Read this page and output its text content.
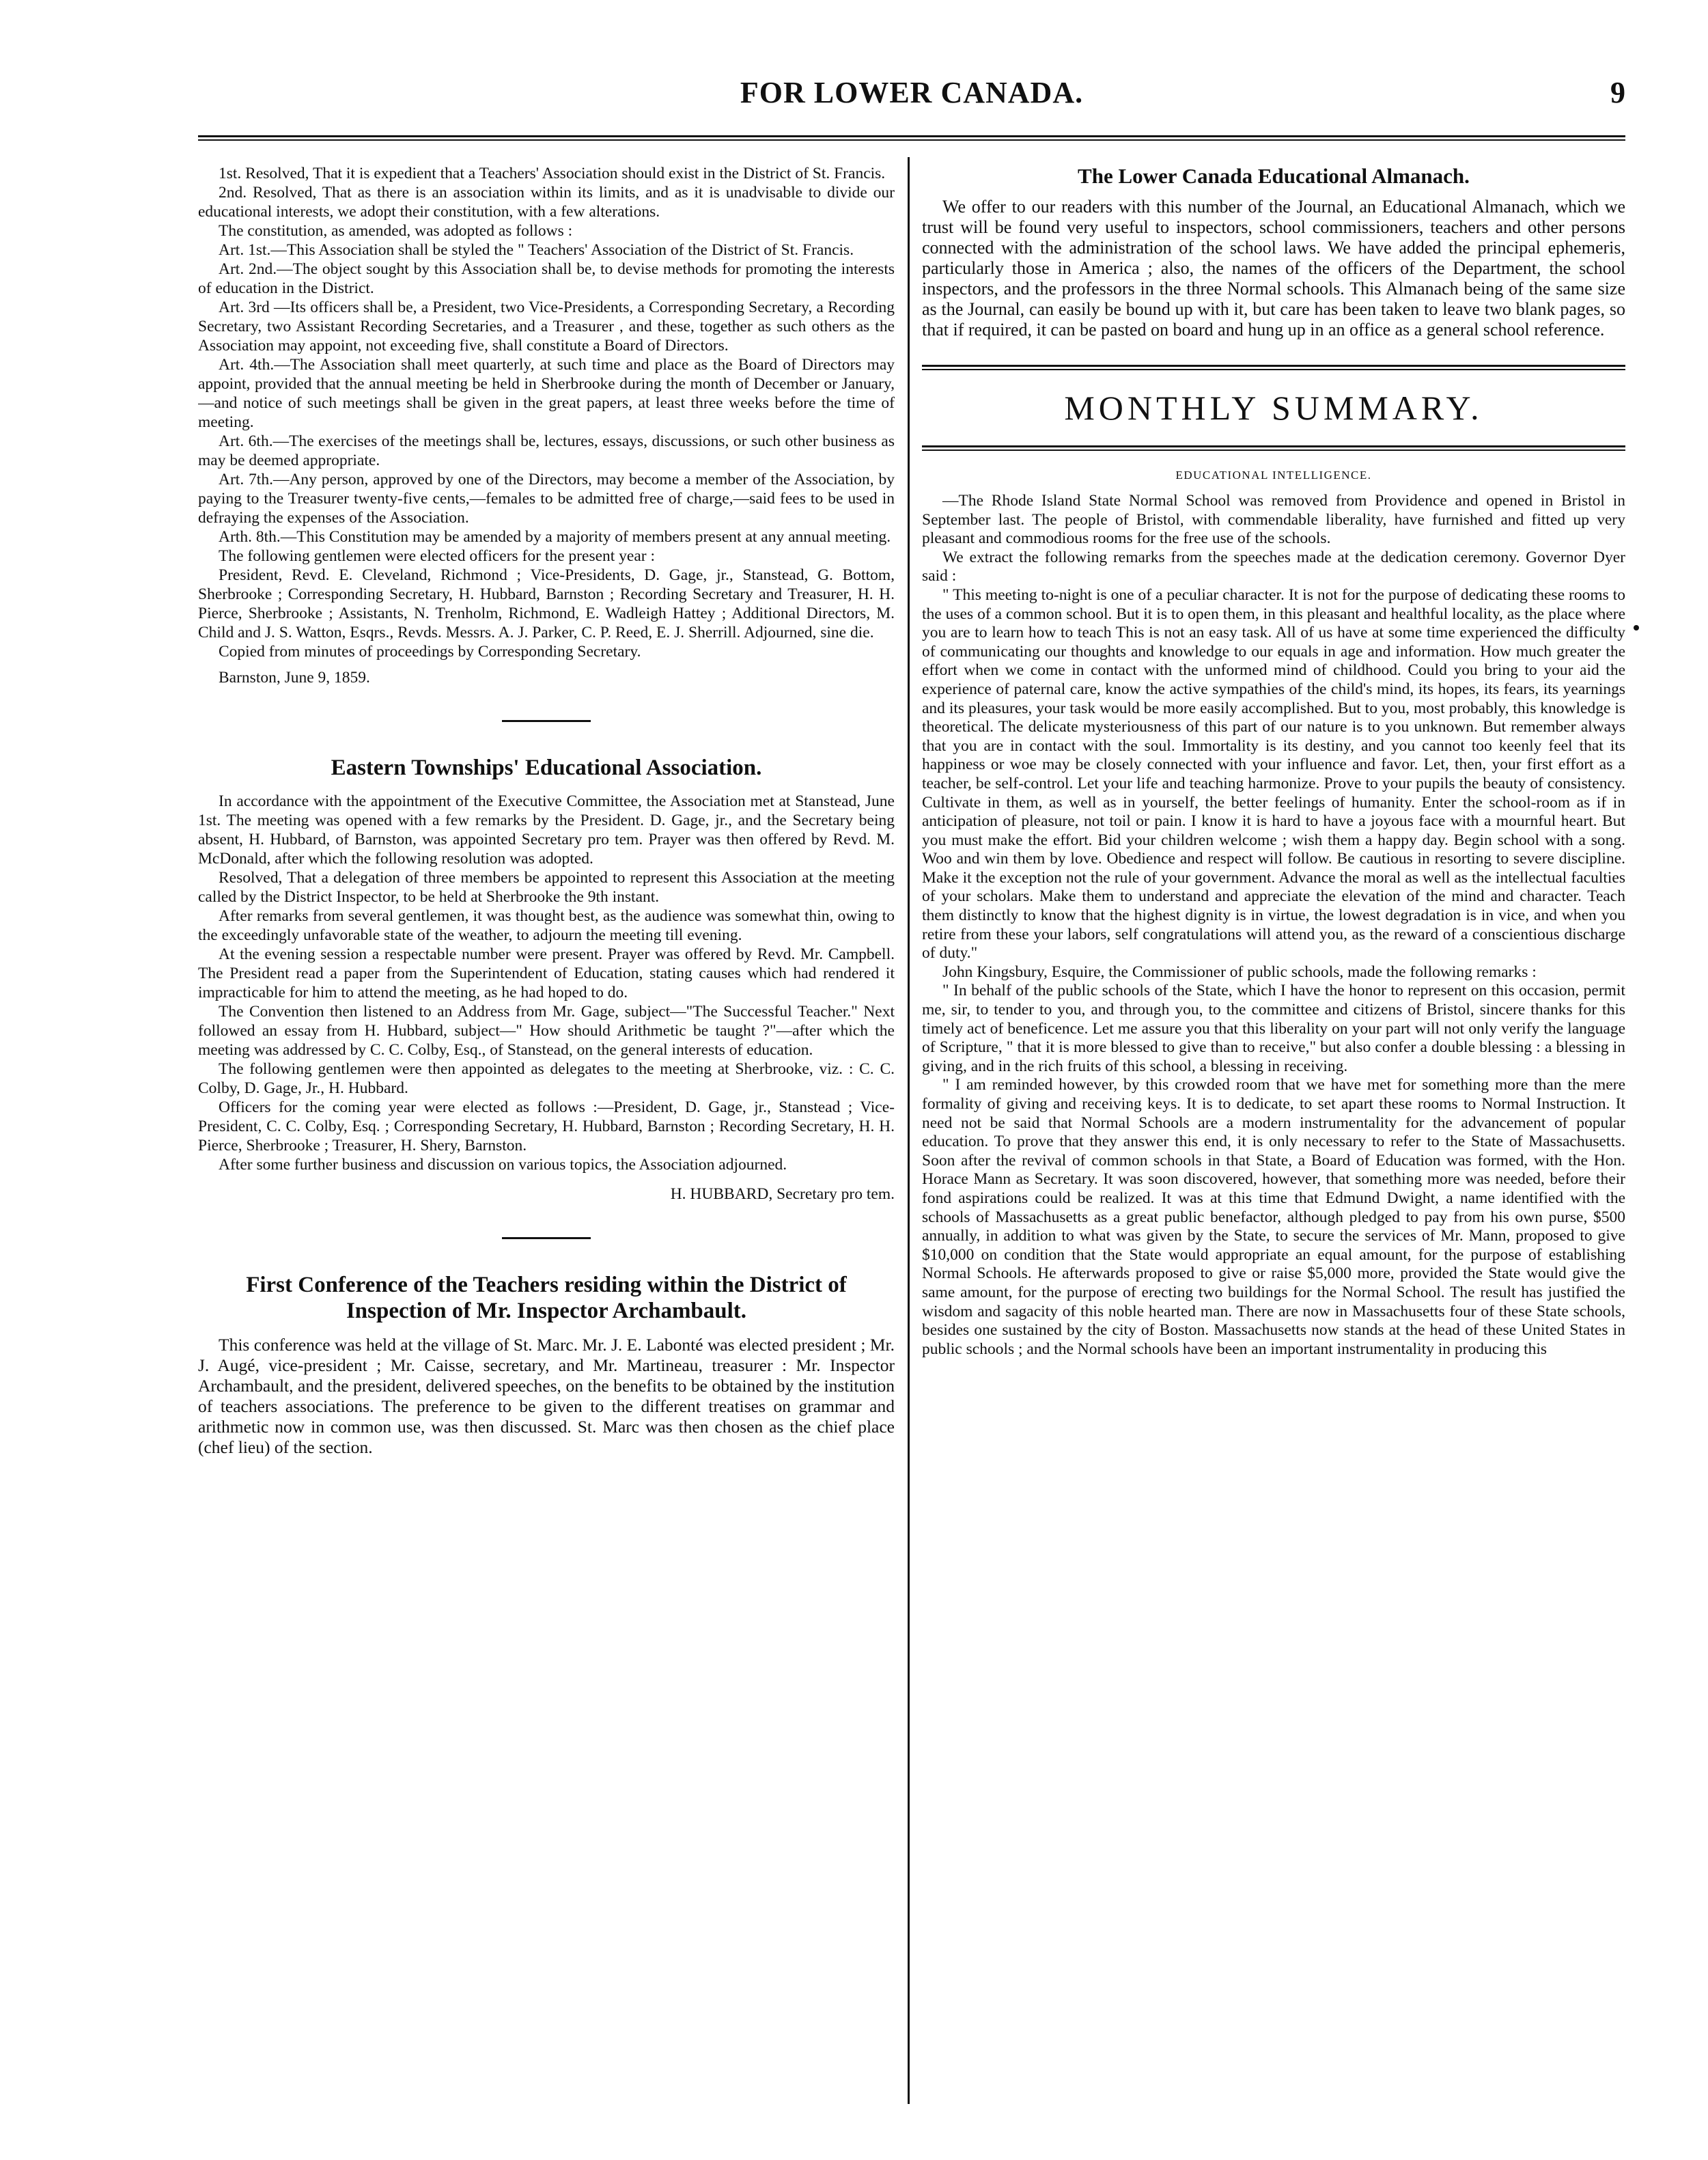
FOR LOWER CANADA.	9

1st. Resolved, That it is expedient that a Teachers' Association should exist in the District of St. Francis.

2nd. Resolved, That as there is an association within its limits, and as it is unadvisable to divide our educational interests, we adopt their constitution, with a few alterations.

The constitution, as amended, was adopted as follows :

Art. 1st.—This Association shall be styled the " Teachers' Association of the District of St. Francis.

Art. 2nd.—The object sought by this Association shall be, to devise methods for promoting the interests of education in the District.

Art. 3rd —Its officers shall be, a President, two Vice-Presidents, a Corresponding Secretary, a Recording Secretary, two Assistant Recording Secretaries, and a Treasurer , and these, together as such others as the Association may appoint, not exceeding five, shall constitute a Board of Directors.

Art. 4th.—The Association shall meet quarterly, at such time and place as the Board of Directors may appoint, provided that the annual meeting be held in Sherbrooke during the month of December or January,—and notice of such meetings shall be given in the great papers, at least three weeks before the time of meeting.

Art. 6th.—The exercises of the meetings shall be, lectures, essays, discussions, or such other business as may be deemed appropriate.

Art. 7th.—Any person, approved by one of the Directors, may become a member of the Association, by paying to the Treasurer twenty-five cents,—females to be admitted free of charge,—said fees to be used in defraying the expenses of the Association.

Arth. 8th.—This Constitution may be amended by a majority of members present at any annual meeting.

The following gentlemen were elected officers for the present year :

President, Revd. E. Cleveland, Richmond ; Vice-Presidents, D. Gage, jr., Stanstead, G. Bottom, Sherbrooke ; Corresponding Secretary, H. Hubbard, Barnston ; Recording Secretary and Treasurer, H. H. Pierce, Sherbrooke ; Assistants, N. Trenholm, Richmond, E. Wadleigh Hattey ; Additional Directors, M. Child and J. S. Watton, Esqrs., Revds. Messrs. A. J. Parker, C. P. Reed, E. J. Sherrill. Adjourned, sine die.

Copied from minutes of proceedings by Corresponding Secretary.

Barnston, June 9, 1859.
Eastern Townships' Educational Association.

In accordance with the appointment of the Executive Committee, the Association met at Stanstead, June 1st. The meeting was opened with a few remarks by the President. D. Gage, jr., and the Secretary being absent, H. Hubbard, of Barnston, was appointed Secretary pro tem. Prayer was then offered by Revd. M. McDonald, after which the following resolution was adopted.

Resolved, That a delegation of three members be appointed to represent this Association at the meeting called by the District Inspector, to be held at Sherbrooke the 9th instant.

After remarks from several gentlemen, it was thought best, as the audience was somewhat thin, owing to the exceedingly unfavorable state of the weather, to adjourn the meeting till evening.

At the evening session a respectable number were present. Prayer was offered by Revd. Mr. Campbell. The President read a paper from the Superintendent of Education, stating causes which had rendered it impracticable for him to attend the meeting, as he had hoped to do.

The Convention then listened to an Address from Mr. Gage, subject—"The Successful Teacher." Next followed an essay from H. Hubbard, subject—" How should Arithmetic be taught ?"—after which the meeting was addressed by C. C. Colby, Esq., of Stanstead, on the general interests of education.

The following gentlemen were then appointed as delegates to the meeting at Sherbrooke, viz. : C. C. Colby, D. Gage, Jr., H. Hubbard.

Officers for the coming year were elected as follows :—President, D. Gage, jr., Stanstead ; Vice-President, C. C. Colby, Esq. ; Corresponding Secretary, H. Hubbard, Barnston ; Recording Secretary, H. H. Pierce, Sherbrooke ; Treasurer, H. Shery, Barnston.

After some further business and discussion on various topics, the Association adjourned.

H. HUBBARD, Secretary pro tem.
First Conference of the Teachers residing within the District of Inspection of Mr. Inspector Archambault.

This conference was held at the village of St. Marc. Mr. J. E. Labonté was elected president ; Mr. J. Augé, vice-president ; Mr. Caisse, secretary, and Mr. Martineau, treasurer : Mr. Inspector Archambault, and the president, delivered speeches, on the benefits to be obtained by the institution of teachers associations. The preference to be given to the different treatises on grammar and arithmetic now in common use, was then discussed. St. Marc was then chosen as the chief place (chef lieu) of the section.

The Lower Canada Educational Almanach.

We offer to our readers with this number of the Journal, an Educational Almanach, which we trust will be found very useful to inspectors, school commissioners, teachers and other persons connected with the administration of the school laws. We have added the principal ephemeris, particularly those in America ; also, the names of the officers of the Department, the school inspectors, and the professors in the three Normal schools. This Almanach being of the same size as the Journal, can easily be bound up with it, but care has been taken to leave two blank pages, so that if required, it can be pasted on board and hung up in an office as a general school reference.

MONTHLY SUMMARY.
EDUCATIONAL INTELLIGENCE.

—The Rhode Island State Normal School was removed from Providence and opened in Bristol in September last. The people of Bristol, with commendable liberality, have furnished and fitted up very pleasant and commodious rooms for the free use of the schools.

We extract the following remarks from the speeches made at the dedication ceremony. Governor Dyer said :

" This meeting to-night is one of a peculiar character. It is not for the purpose of dedicating these rooms to the uses of a common school. But it is to open them, in this pleasant and healthful locality, as the place where you are to learn how to teach This is not an easy task. All of us have at some time experienced the difficulty of communicating our thoughts and knowledge to our equals in age and information. How much greater the effort when we come in contact with the unformed mind of childhood. Could you bring to your aid the experience of paternal care, know the active sympathies of the child's mind, its hopes, its fears, its yearnings and its pleasures, your task would be more easily accomplished. But to you, most probably, this knowledge is theoretical. The delicate mysteriousness of this part of our nature is to you unknown. But remember always that you are in contact with the soul. Immortality is its destiny, and you cannot too keenly feel that its happiness or woe may be closely connected with your influence and favor. Let, then, your first effort as a teacher, be self-control. Let your life and teaching harmonize. Prove to your pupils the beauty of consistency. Cultivate in them, as well as in yourself, the better feelings of humanity. Enter the school-room as if in anticipation of pleasure, not toil or pain. I know it is hard to have a joyous face with a mournful heart. But you must make the effort. Bid your children welcome ; wish them a happy day. Begin school with a song. Woo and win them by love. Obedience and respect will follow. Be cautious in resorting to severe discipline. Make it the exception not the rule of your government. Advance the moral as well as the intellectual faculties of your scholars. Make them to understand and appreciate the elevation of the mind and character. Teach them distinctly to know that the highest dignity is in virtue, the lowest degradation is in vice, and when you retire from these your labors, self congratulations will attend you, as the reward of a conscientious discharge of duty."

John Kingsbury, Esquire, the Commissioner of public schools, made the following remarks :

" In behalf of the public schools of the State, which I have the honor to represent on this occasion, permit me, sir, to tender to you, and through you, to the committee and citizens of Bristol, sincere thanks for this timely act of beneficence. Let me assure you that this liberality on your part will not only verify the language of Scripture, " that it is more blessed to give than to receive," but also confer a double blessing : a blessing in giving, and in the rich fruits of this school, a blessing in receiving.

" I am reminded however, by this crowded room that we have met for something more than the mere formality of giving and receiving keys. It is to dedicate, to set apart these rooms to Normal Instruction. It need not be said that Normal Schools are a modern instrumentality for the advancement of popular education. To prove that they answer this end, it is only necessary to refer to the State of Massachusetts. Soon after the revival of common schools in that State, a Board of Education was formed, with the Hon. Horace Mann as Secretary. It was soon discovered, however, that something more was needed, before their fond aspirations could be realized. It was at this time that Edmund Dwight, a name identified with the schools of Massachusetts as a great public benefactor, although pledged to pay from his own purse, $500 annually, in addition to what was given by the State, to secure the services of Mr. Mann, proposed to give $10,000 on condition that the State would appropriate an equal amount, for the purpose of establishing Normal Schools. He afterwards proposed to give or raise $5,000 more, provided the State would give the same amount, for the purpose of erecting two buildings for the Normal School. The result has justified the wisdom and sagacity of this noble hearted man. There are now in Massachusetts four of these State schools, besides one sustained by the city of Boston. Massachusetts now stands at the head of these United States in public schools ; and the Normal schools have been an important instrumentality in producing this
